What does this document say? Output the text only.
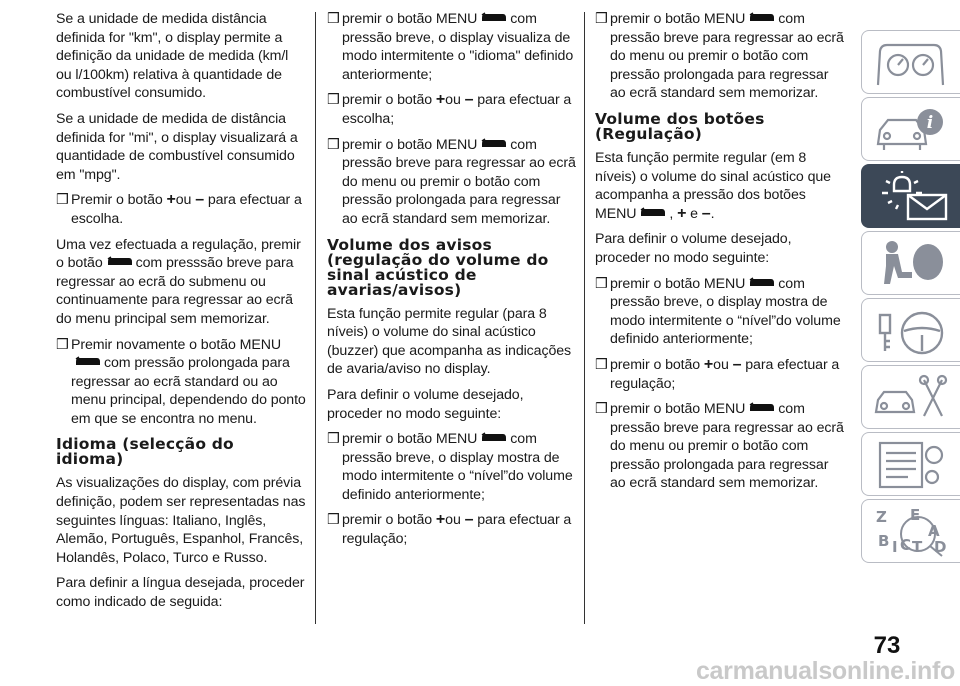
Se a unidade de medida distância definida for "km", o display permite a definição da unidade de medida (km/l ou l/100km) relativa à quantidade de combustível consumido.

Se a unidade de medida de distância definida for "mi", o display visualizará a quantidade de combustível consumido em "mpg".

❒ Premir o botão +ou – para efectuar a escolha.

Uma vez efectuada a regulação, premir o botão com presssão breve para regressar ao ecrã do submenu ou continuamente para regressar ao ecrã do menu principal sem memorizar.

❒ Premir novamente o botão MENU

com pressão prolongada para regressar ao ecrã standard ou ao menu principal, dependendo do ponto em que se encontra no menu.
Idioma (selecção do idioma)

As visualizações do display, com prévia definição, podem ser representadas nas seguintes línguas: Italiano, Inglês, Alemão, Português, Espanhol, Francês, Holandês, Polaco, Turco e Russo.

Para definir a língua desejada, proceder como indicado de seguida:

❒ premir o botão MENU com pressão breve, o display visualiza de modo intermitente o "idioma" definido anteriormente;
❒ premir o botão +ou – para efectuar a escolha;
❒ premir o botão MENU com pressão breve para regressar ao ecrã do menu ou premir o botão com pressão prolongada para regressar ao ecrã standard sem memorizar.
Volume dos avisos (regulação do volume do sinal acústico de avarias/avisos)

Esta função permite regular (para 8 níveis) o volume do sinal acústico (buzzer) que acompanha as indicações de avaria/aviso no display.

Para definir o volume desejado, proceder no modo seguinte:

❒ premir o botão MENU com pressão breve, o display mostra de modo intermitente o “nível”do volume definido anteriormente;
❒ premir o botão +ou – para efectuar a regulação;
❒ premir o botão MENU com pressão breve para regressar ao ecrã do menu ou premir o botão com pressão prolongada para regressar ao ecrã standard sem memorizar.
Volume dos botões (Regulação)

Esta função permite regular (em 8 níveis) o volume do sinal acústico que acompanha a pressão dos botões MENU , + e –.

Para definir o volume desejado, proceder no modo seguinte:

❒ premir o botão MENU com pressão breve, o display mostra de modo intermitente o “nível”do volume definido anteriormente;
❒ premir o botão +ou – para efectuar a regulação;
❒ premir o botão MENU com pressão breve para regressar ao ecrã do menu ou premir o botão com pressão prolongada para regressar ao ecrã standard sem memorizar.
i
Z E
A
B C T D
I
73
carmanualsonline.info
